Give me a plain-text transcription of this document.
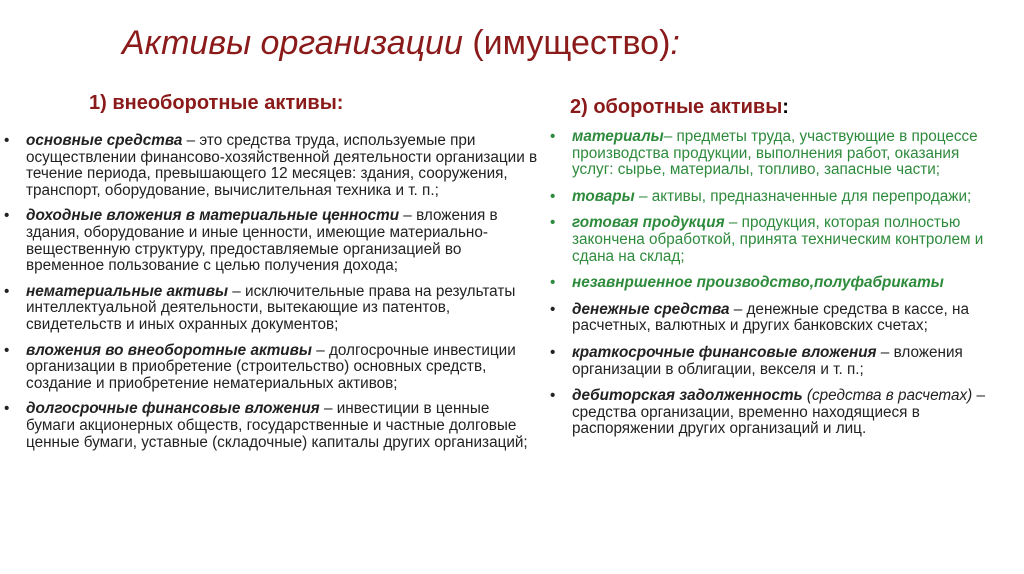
Активы организации (имущество):
1) внеоборотные активы:
• основные средства – это средства труда, используемые при осуществлении финансово-хозяйственной деятельности организации в течение периода, превышающего 12 месяцев: здания, сооружения, транспорт, оборудование, вычислительная техника и т. п.;
• доходные вложения в материальные ценности – вложения в здания, оборудование и иные ценности, имеющие материально-вещественную структуру, предоставляемые организацией во временное пользование с целью получения дохода;
• нематериальные активы – исключительные права на результаты интеллектуальной деятельности, вытекающие из патентов, свидетельств и иных охранных документов;
• вложения во внеоборотные активы – долгосрочные инвестиции организации в приобретение (строительство) основных средств, создание и приобретение нематериальных активов;
• долгосрочные финансовые вложения – инвестиции в ценные бумаги акционерных обществ, государственные и частные долговые ценные бумаги, уставные (складочные) капиталы других организаций;
2) оборотные активы:
• материалы– предметы труда, участвующие в процессе производства продукции, выполнения работ, оказания услуг: сырье, материалы, топливо, запасные части;
• товары – активы, предназначенные для перепродажи;
• готовая продукция – продукция, которая полностью закончена обработкой, принята техническим контролем и сдана на склад;
• незавнршенное производство,полуфабрикаты
• денежные средства – денежные средства в кассе, на расчетных, валютных и других банковских счетах;
• краткосрочные финансовые вложения – вложения организации в облигации, векселя и т. п.;
• дебиторская задолженность (средства в расчетах) – средства организации, временно находящиеся в распоряжении других организаций и лиц.
